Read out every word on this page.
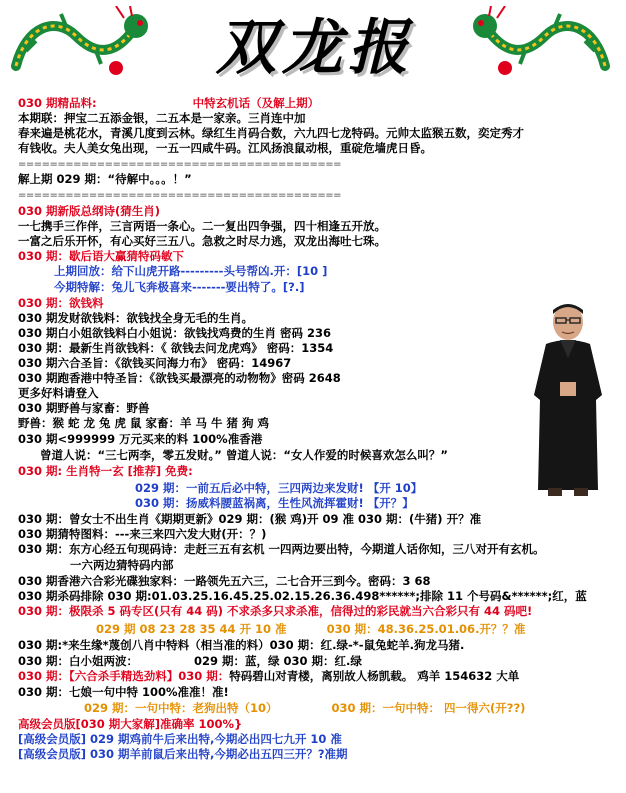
双龙报
030 期精品料:	中特玄机话（及解上期）
本期联：押宝二五添金银，二五本是一家亲。三肖连中加
春来遍是桃花水，青溪几度到云林。绿红生肖码合数，六九四七龙特码。元帅太监猴五数，奕定秀才
有钱收。夫人美女兔出现，一五一四咸牛码。江风扬浪鼠动根，重碇危墙虎日昏。
=========================================
解上期 029 期：“待解中。。。！”
=========================================
030 期新版总纲诗(猜生肖)
一七携手三作伴，三言两语一条心。二一复出四争强，四十相逢五开放。
一富之后乐开怀，有心买好三五八。急救之时尽力逃，双龙出海吐七珠。
030 期：歇后语大赢猜特码敏下
上期回放：给下山虎开路---------头号帮凶.开：[10 ]
今期特解：兔儿飞奔极喜来-------要出特了。[?.]
030 期：欲钱料
030 期发财欲钱料：欲钱找全身无毛的生肖。
030 期白小姐欲钱料白小姐说：欲钱找鸡费的生肖 密码 236
030 期：最新生肖欲钱料：《 欲钱去问龙虎鸡》 密码：1354
030 期六合圣旨：《欲钱买问海力布》 密码：14967
030 期跑香港中特圣旨：《欲钱买最漂亮的动物物》密码 2648
更多好料请登入
030 期野兽与家畜：野兽
野兽：猴 蛇 龙 兔 虎 鼠 家畜：羊 马 牛 猪 狗 鸡
030 期<999999 万元买来的料 100%准香港
曾道人说：“三七两李，零五发财。” 曾道人说：“女人作爱的时候喜欢怎么叫？”
030 期: 生肖特一玄 [推荐] 免费:
029 期：一前五后必中特，三四两边来发财! 【开 10】
030 期：扬威料腰蓝祸离，生性风流挥霍财! 【开？】
030 期：曾女士不出生肖《期期更新》029 期：(猴 鸡)开 09 准 030 期：(牛猪) 开？准
030 期猜特图料：---来三来四六发大财(开：？)
030 期：东方心经五句现码诗：走赶三五有玄机 一四两边要出特，今期道人话你知，三八对开有玄机。
一六两边猜特码内部
030 期香港六合彩光碟独家料：一路领先五六三，二七合开三到今。密码：3 68
030 期杀码排除 030 期:01.03.25.16.45.25.02.15.26.36.498******;排除 11 个号码&******;红，蓝
030 期：极限杀 5 码专区(只有 44 码) 不求杀多只求杀准，信得过的彩民就当六合彩只有 44 码吧!
029 期 08 23 28 35 44 开 10 准	030 期：48.36.25.01.06.开？？准
030 期:*来生缘*蔑创八肖中特料（相当准的料）030 期：红.绿-*-鼠兔蛇羊.狗龙马猪.
030 期：白小姐两波：	029 期：蓝，绿 030 期：红.绿
030 期：【六合杀手精选劲料】030 期：特码碧山对青楼，离别故人杨凯载。 鸡羊 154632 大单
030 期：七娘一句中特 100%准准！准!
029 期：一句中特：老狗出特（10）	030 期：一句中特： 四一得六(开??)
高级会员版[030 期大家解]准确率 100%}
[高级会员版] 029 期鸡前牛后来出特,今期必出四七九开 10 准
[高级会员版] 030 期羊前鼠后来出特,今期必出五四三开？?准期
